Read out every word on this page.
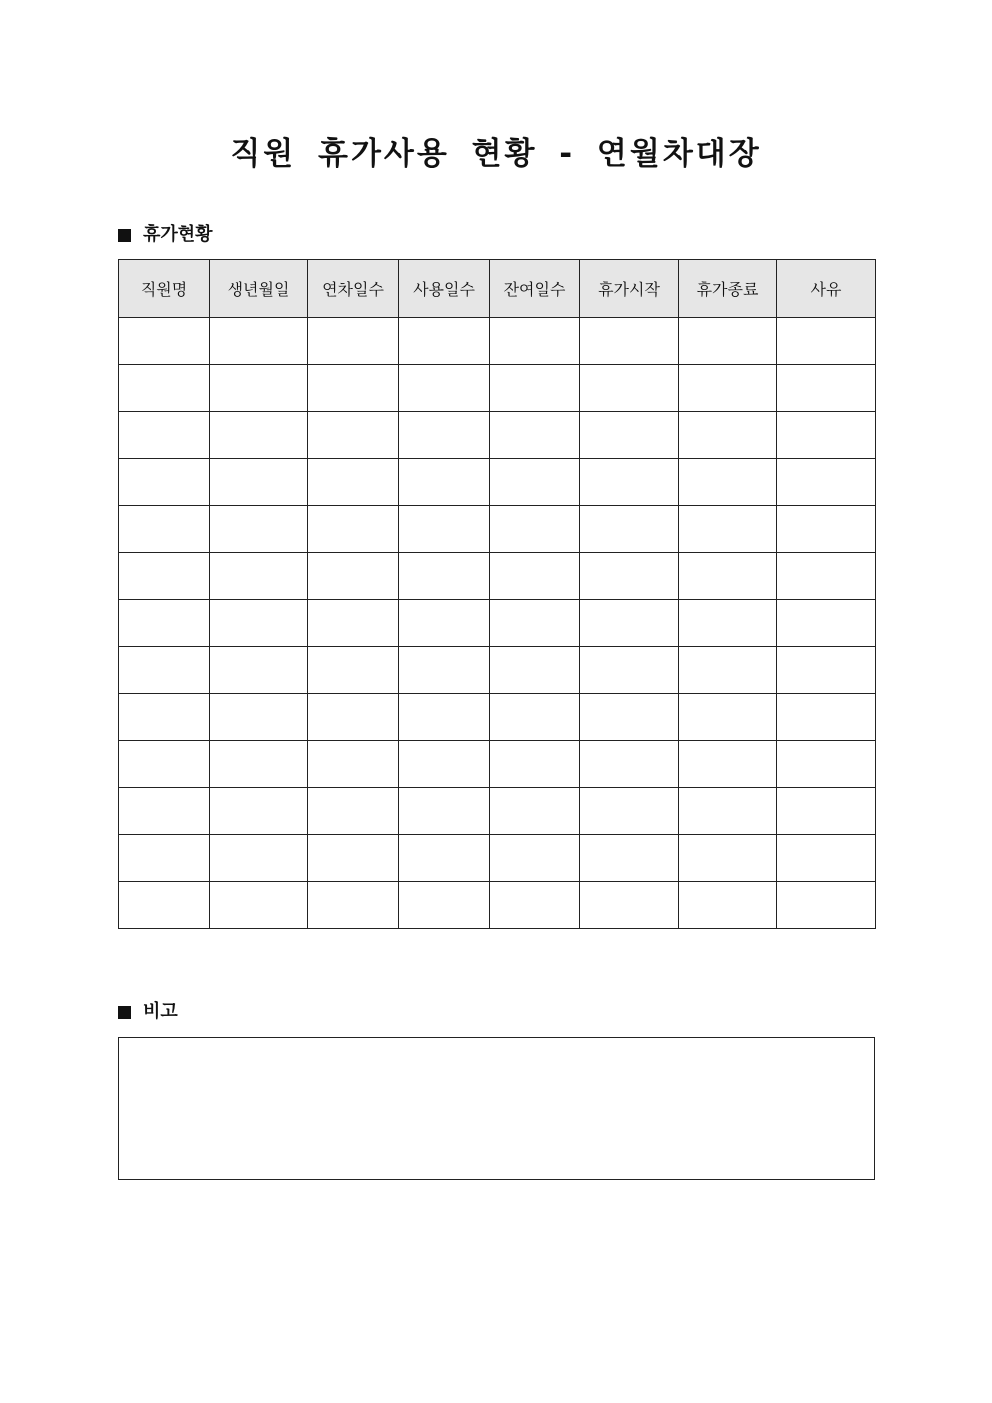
직원 휴가사용 현황 - 연월차대장
휴가현황
직원명	생년월일	연차일수	사용일수	잔여일수	휴가시작	휴가종료	사유

비고
